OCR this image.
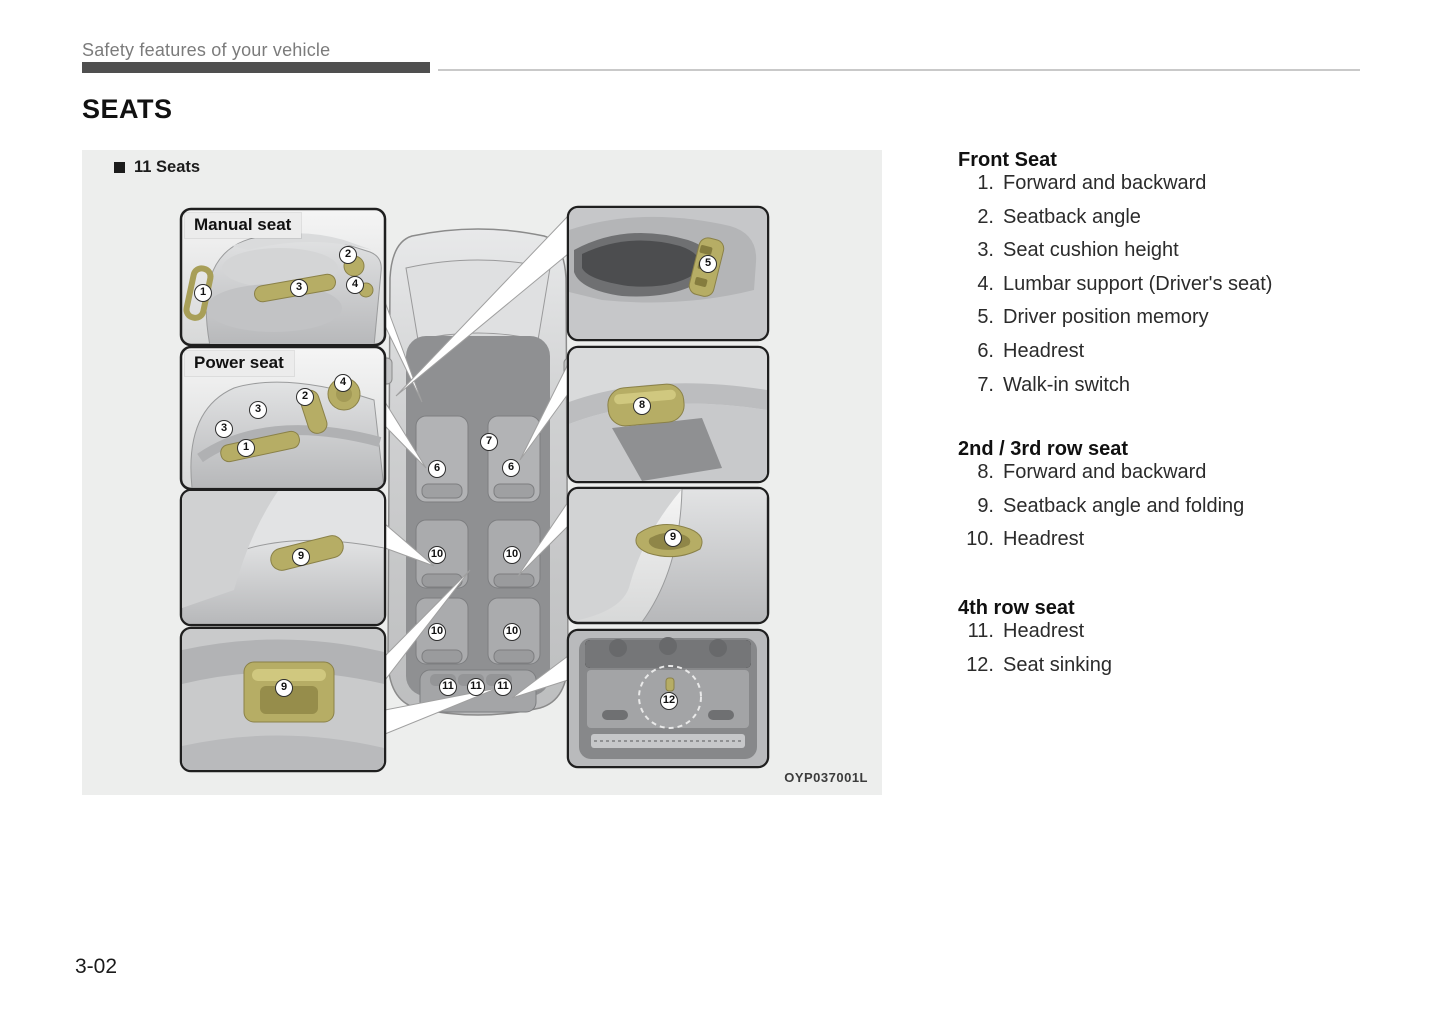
Safety features of your vehicle
SEATS
11 Seats
Manual seat
Power seat
1
2
3	4
1
2
3
3
4
9
9
5
8
9
12
7
6	6
10	10
10	10
11 11 11
OYP037001L
Front Seat
1. Forward and backward
2. Seatback angle
3. Seat cushion height
4. Lumbar support (Driver's seat)
5. Driver position memory
6. Headrest
7. Walk-in switch
2nd / 3rd row seat
8. Forward and backward
9. Seatback angle and folding
10. Headrest
4th row seat
11. Headrest
12. Seat sinking
3-02
